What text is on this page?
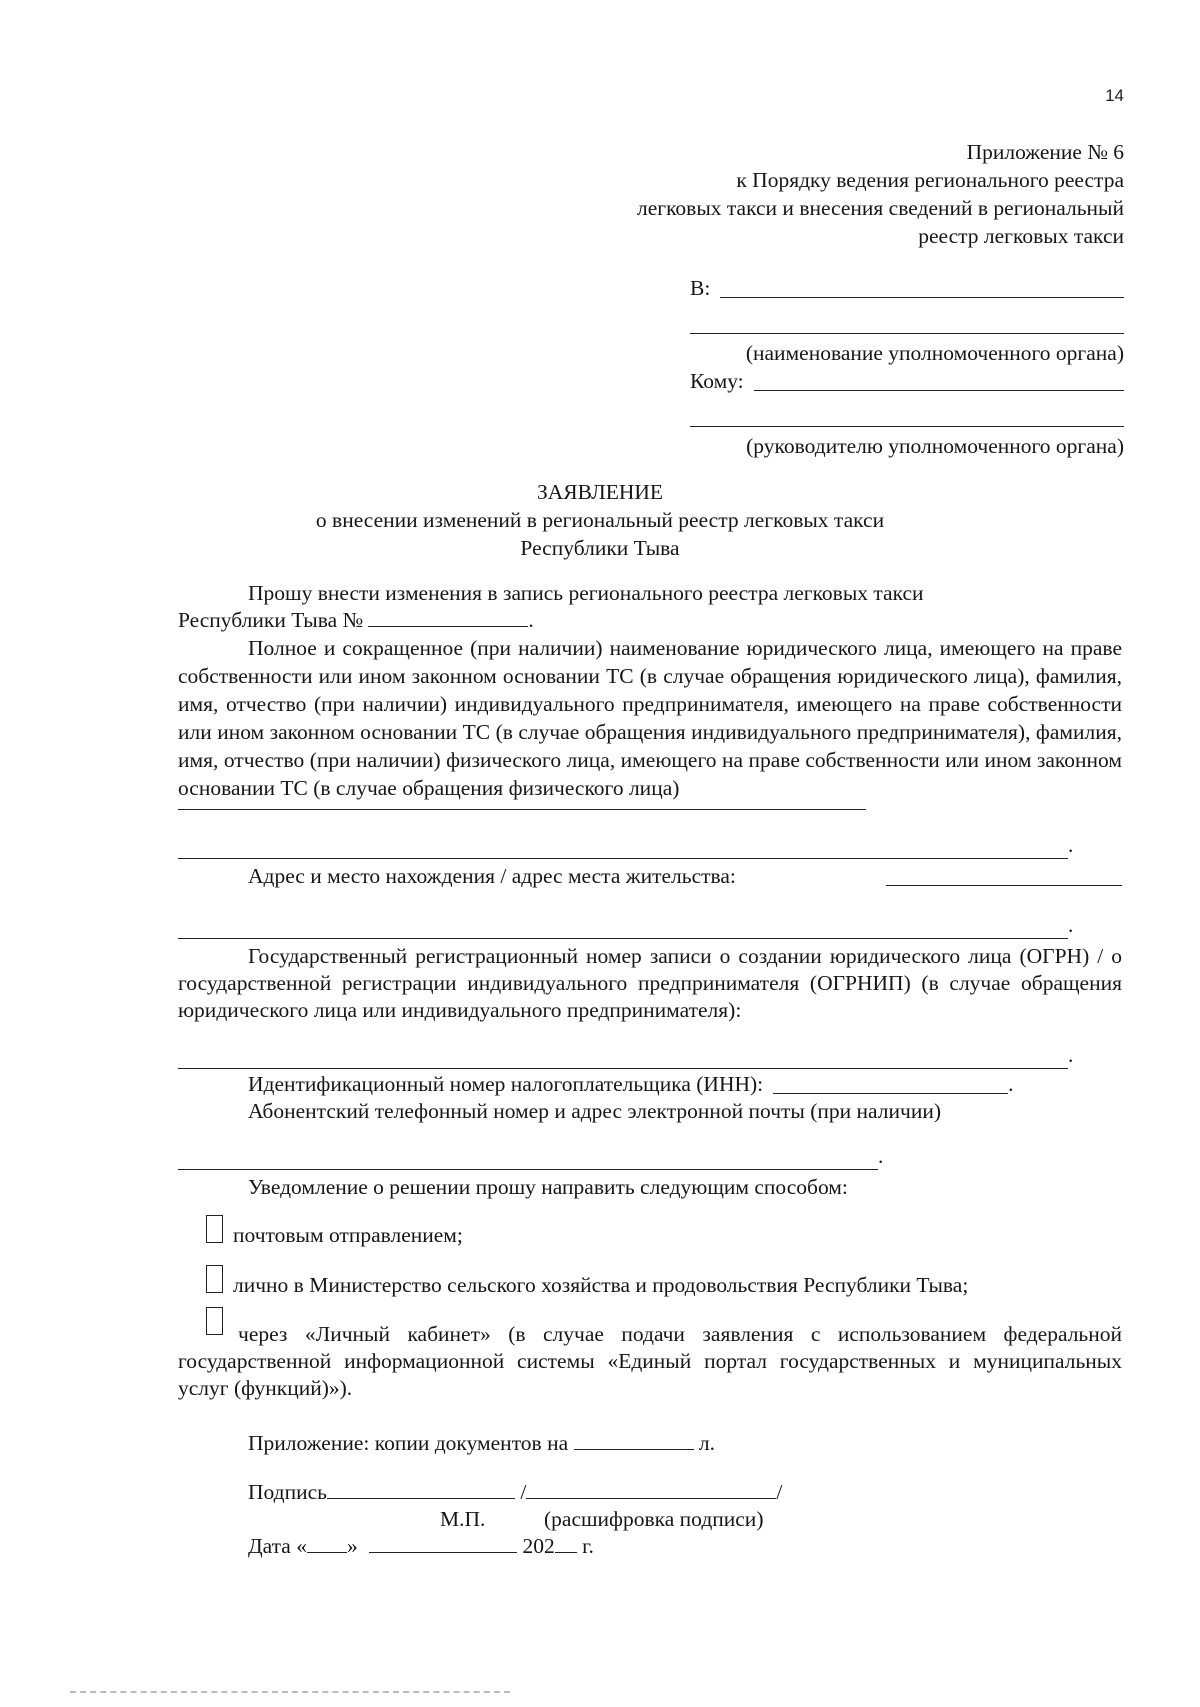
14
Приложение № 6
к Порядку ведения регионального реестра
легковых такси и внесения сведений в региональный
реестр легковых такси
В:
(наименование уполномоченного органа)
Кому:
(руководителю уполномоченного органа)
ЗАЯВЛЕНИЕ
о внесении изменений в региональный реестр легковых такси
Республики Тыва
Прошу внести изменения в запись регионального реестра легковых такси
Республики Тыва №	.
Полное и сокращенное (при наличии) наименование юридического лица, имеющего на праве собственности или ином законном основании ТС (в случае обращения юридического лица), фамилия, имя, отчество (при наличии) индивидуального предпринимателя, имеющего на праве собственности или ином законном основании ТС (в случае обращения индивидуального предпринимателя), фамилия, имя, отчество (при наличии) физического лица, имеющего на праве собственности или ином законном основании ТС (в случае обращения физического лица)
.
Адрес и место нахождения / адрес места жительства:
.
Государственный регистрационный номер записи о создании юридического лица (ОГРН) / о государственной регистрации индивидуального предпринимателя (ОГРНИП) (в случае обращения юридического лица или индивидуального предпринимателя):
.
Идентификационный номер налогоплательщика (ИНН):	.
Абонентский телефонный номер и адрес электронной почты (при наличии)
.
Уведомление о решении прошу направить следующим способом:
почтовым отправлением;
лично в Министерство сельского хозяйства и продовольствия Республики Тыва;
через «Личный кабинет» (в случае подачи заявления с использованием федеральной государственной информационной системы «Единый портал государственных и муниципальных услуг (функций)»).
Приложение: копии документов на	л.
Подпись	/	/
М.П.	(расшифровка подписи)
Дата « »	202 г.
